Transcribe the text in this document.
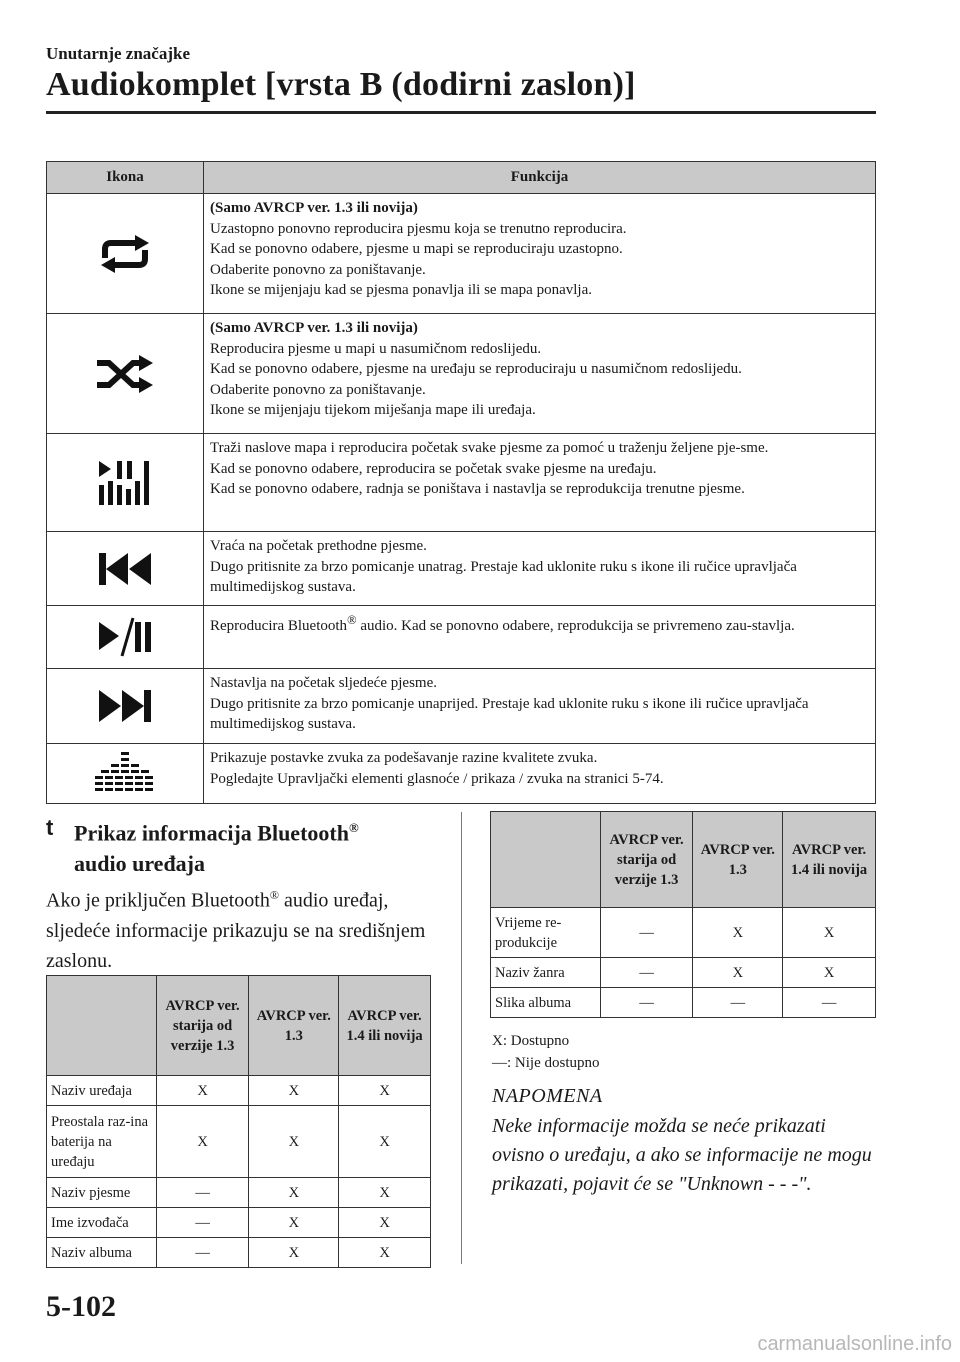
Unutarnje značajke
Audiokomplet [vrsta B (dodirni zaslon)]
Ikona	Funkcija

	(Samo AVRCP ver. 1.3 ili novija)
Uzastopno ponovno reproducira pjesmu koja se trenutno reproducira.
Kad se ponovno odabere, pjesme u mapi se reproduciraju uzastopno.
Odaberite ponovno za poništavanje.
Ikone se mijenjaju kad se pjesma ponavlja ili se mapa ponavlja.

	(Samo AVRCP ver. 1.3 ili novija)
Reproducira pjesme u mapi u nasumičnom redoslijedu.
Kad se ponovno odabere, pjesme na uređaju se reproduciraju u nasumičnom redoslijedu.
Odaberite ponovno za poništavanje.
Ikone se mijenjaju tijekom miješanja mape ili uređaja.

	Traži naslove mapa i reproducira početak svake pjesme za pomoć u traženju željene pje-sme.
Kad se ponovno odabere, reproducira se početak svake pjesme na uređaju.
Kad se ponovno odabere, radnja se poništava i nastavlja se reprodukcija trenutne pjesme.

	Vraća na početak prethodne pjesme.
Dugo pritisnite za brzo pomicanje unatrag. Prestaje kad uklonite ruku s ikone ili ručice upravljača multimedijskog sustava.

	Reproducira Bluetooth® audio. Kad se ponovno odabere, reprodukcija se privremeno zau-stavlja.

	Nastavlja na početak sljedeće pjesme.
Dugo pritisnite za brzo pomicanje unaprijed. Prestaje kad uklonite ruku s ikone ili ručice upravljača multimedijskog sustava.

	Prikazuje postavke zvuka za podešavanje razine kvalitete zvuka.
Pogledajte Upravljački elementi glasnoće / prikaza / zvuka na stranici 5-74.
t Prikaz informacija Bluetooth®
audio uređaja
Ako je priključen Bluetooth® audio uređaj, sljedeće informacije prikazuju se na središnjem zaslonu.
	AVRCP ver. starija od verzije 1.3	AVRCP ver. 1.3	AVRCP ver. 1.4 ili novija
Naziv uređaja	X	X	X
Preostala raz-ina baterija na uređaju	X	X	X
Naziv pjesme	—	X	X
Ime izvođača	—	X	X
Naziv albuma	—	X	X
	AVRCP ver. starija od verzije 1.3	AVRCP ver. 1.3	AVRCP ver. 1.4 ili novija
Vrijeme re-produkcije	—	X	X
Naziv žanra	—	X	X
Slika albuma	—	—	—
X: Dostupno
—: Nije dostupno
NAPOMENA
Neke informacije možda se neće prikazati ovisno o uređaju, a ako se informacije ne mogu prikazati, pojavit će se "Unknown - - -".
5-102
carmanualsonline.info
